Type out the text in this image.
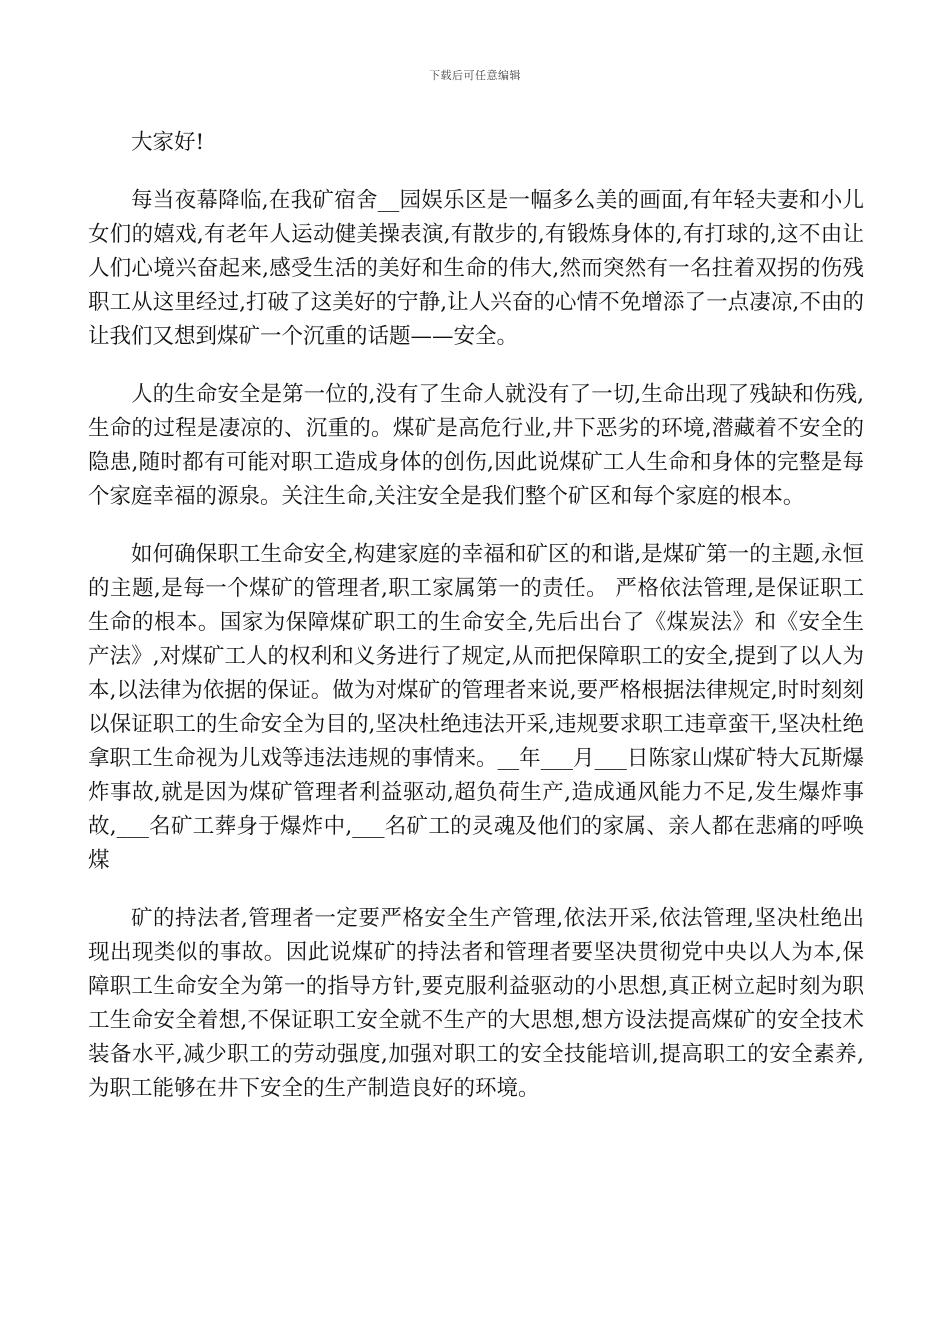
下载后可任意编辑

大家好!

每当夜幕降临,在我矿宿舍__园娱乐区是一幅多么美的画面,有年轻夫妻和小儿女们的嬉戏,有老年人运动健美操表演,有散步的,有锻炼身体的,有打球的,这不由让人们心境兴奋起来,感受生活的美好和生命的伟大,然而突然有一名拄着双拐的伤残职工从这里经过,打破了这美好的宁静,让人兴奋的心情不免增添了一点凄凉,不由的让我们又想到煤矿一个沉重的话题——安全。

人的生命安全是第一位的,没有了生命人就没有了一切,生命出现了残缺和伤残,生命的过程是凄凉的、沉重的。煤矿是高危行业,井下恶劣的环境,潜藏着不安全的隐患,随时都有可能对职工造成身体的创伤,因此说煤矿工人生命和身体的完整是每个家庭幸福的源泉。关注生命,关注安全是我们整个矿区和每个家庭的根本。

如何确保职工生命安全,构建家庭的幸福和矿区的和谐,是煤矿第一的主题,永恒的主题,是每一个煤矿的管理者,职工家属第一的责任。 严格依法管理,是保证职工生命的根本。国家为保障煤矿职工的生命安全,先后出台了《煤炭法》和《安全生产法》,对煤矿工人的权利和义务进行了规定,从而把保障职工的安全,提到了以人为本,以法律为依据的保证。做为对煤矿的管理者来说,要严格根据法律规定,时时刻刻以保证职工的生命安全为目的,坚决杜绝违法开采,违规要求职工违章蛮干,坚决杜绝拿职工生命视为儿戏等违法违规的事情来。__年___月___日陈家山煤矿特大瓦斯爆炸事故,就是因为煤矿管理者利益驱动,超负荷生产,造成通风能力不足,发生爆炸事故,___名矿工葬身于爆炸中,___名矿工的灵魂及他们的家属、亲人都在悲痛的呼唤煤

矿的持法者,管理者一定要严格安全生产管理,依法开采,依法管理,坚决杜绝出现出现类似的事故。因此说煤矿的持法者和管理者要坚决贯彻党中央以人为本,保障职工生命安全为第一的指导方针,要克服利益驱动的小思想,真正树立起时刻为职工生命安全着想,不保证职工安全就不生产的大思想,想方设法提高煤矿的安全技术装备水平,减少职工的劳动强度,加强对职工的安全技能培训,提高职工的安全素养,为职工能够在井下安全的生产制造良好的环境。
